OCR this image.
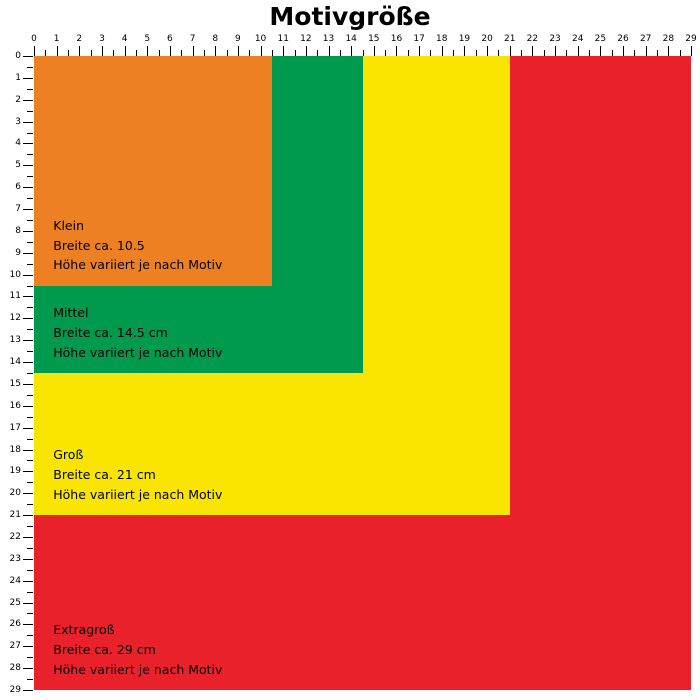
Motivgröße
0	1	2	3	4	5	6	7	8	9	10 11 12 13 14 15 16 17 18 19 20 21 22 23 24 25 26 27 28 29
0
1
2
3
4
5
6
7
8
9
10
11
12
13
14
15
16
17
18
19
20
21
22
23
24
25
26
27
28
29
Klein
Breite ca. 10.5
Höhe variiert je nach Motiv
Mittel
Breite ca. 14.5 cm
Höhe variiert je nach Motiv
Groß
Breite ca. 21 cm
Höhe variiert je nach Motiv
Extragroß
Breite ca. 29 cm
Höhe variiert je nach Motiv
